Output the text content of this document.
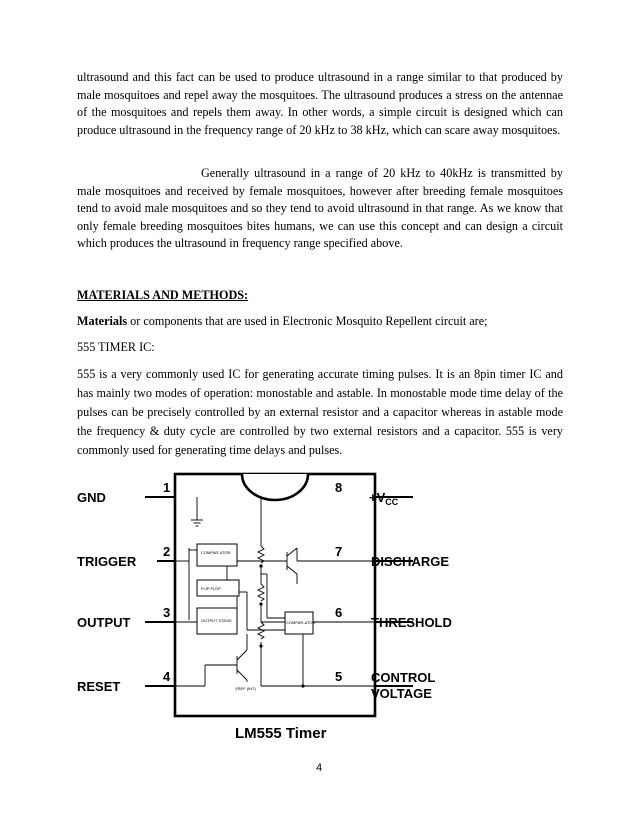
ultrasound and this fact can be used to produce ultrasound in a range similar to that produced by male mosquitoes and repel away the mosquitoes. The ultrasound produces a stress on the antennae of the mosquitoes and repels them away. In other words, a simple circuit is designed which can produce ultrasound in the frequency range of 20 kHz to 38 kHz, which can scare away mosquitoes.

Generally ultrasound in a range of 20 kHz to 40kHz is transmitted by male mosquitoes and received by female mosquitoes, however after breeding female mosquitoes tend to avoid male mosquitoes and so they tend to avoid ultrasound in that range. As we know that only female breeding mosquitoes bites humans, we can use this concept and can design a circuit which produces the ultrasound in frequency range specified above.

MATERIALS AND METHODS:

Materials or components that are used in Electronic Mosquito Repellent circuit are;

555 TIMER IC:

555 is a very commonly used IC for generating accurate timing pulses. It is an 8pin timer IC and has mainly two modes of operation: monostable and astable. In monostable mode time delay of the pulses can be precisely controlled by an external resistor and a capacitor whereas in astable mode the frequency & duty cycle are controlled by two external resistors and a capacitor. 555 is very commonly used for generating time delays and pulses.

GND
TRIGGER
OUTPUT
RESET
1
2
3
4
8
7
6
5
$+V_{CC}$
DISCHARGE
THRESHOLD
CONTROL
VOLTAGE
COMPAR-ATOR
FLIP FLOP
OUTPUT STAGE	COMPAR-ATOR
VREF (INT)
LM555 Timer
4
